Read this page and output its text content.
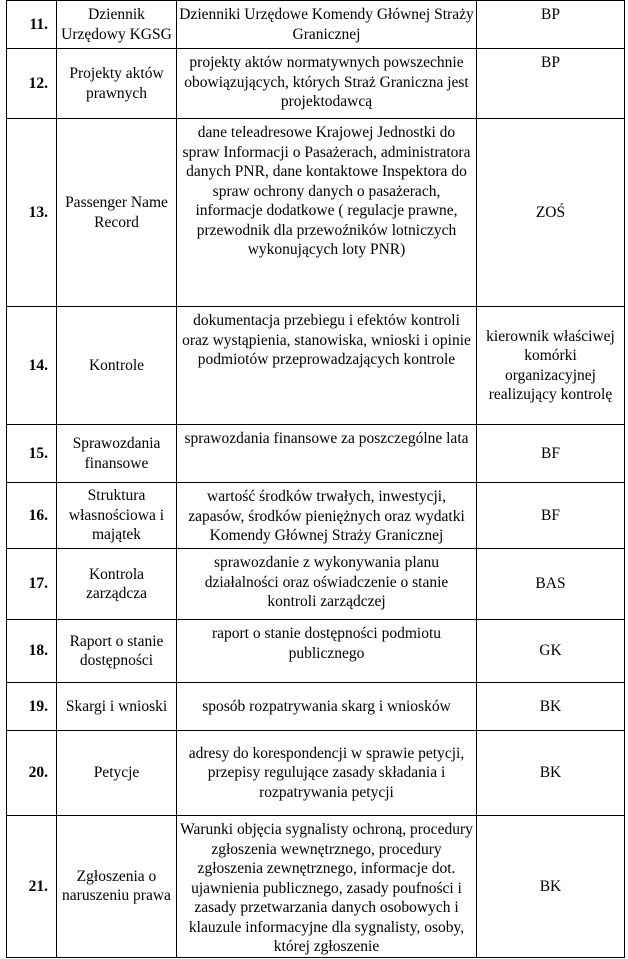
11.	Dziennik Urzędowy KGSG	Dzienniki Urzędowe Komendy Głównej Straży Granicznej	BP
12.	Projekty aktów prawnych	projekty aktów normatywnych powszechnie obowiązujących, których Straż Graniczna jest projektodawcą	BP
13.	Passenger Name Record	dane teleadresowe Krajowej Jednostki do spraw Informacji o Pasażerach, administratora danych PNR, dane kontaktowe Inspektora do spraw ochrony danych o pasażerach, informacje dodatkowe ( regulacje prawne, przewodnik dla przewoźników lotniczych wykonujących loty PNR)	ZOŚ
14.	Kontrole	dokumentacja przebiegu i efektów kontroli oraz wystąpienia, stanowiska, wnioski i opinie podmiotów przeprowadzających kontrole	kierownik właściwej komórki organizacyjnej realizujący kontrolę
15.	Sprawozdania finansowe	sprawozdania finansowe za poszczególne lata	BF
16.	Struktura własnościowa i majątek	wartość środków trwałych, inwestycji, zapasów, środków pieniężnych oraz wydatki Komendy Głównej Straży Granicznej	BF
17.	Kontrola zarządcza	sprawozdanie z wykonywania planu działalności oraz oświadczenie o stanie kontroli zarządczej	BAS
18.	Raport o stanie dostępności	raport o stanie dostępności podmiotu publicznego	GK
19.	Skargi i wnioski	sposób rozpatrywania skarg i wniosków	BK
20.	Petycje	adresy do korespondencji w sprawie petycji, przepisy regulujące zasady składania i rozpatrywania petycji	BK
21.	Zgłoszenia o naruszeniu prawa	Warunki objęcia sygnalisty ochroną, procedury zgłoszenia wewnętrznego, procedury zgłoszenia zewnętrznego, informacje dot. ujawnienia publicznego, zasady poufności i zasady przetwarzania danych osobowych i klauzule informacyjne dla sygnalisty, osoby, której zgłoszenie	BK
